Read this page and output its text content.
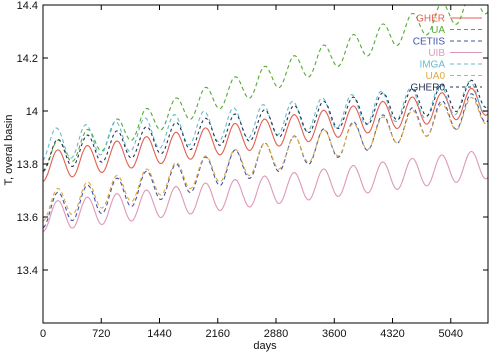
0	720	1440	2160	2880	3600	4320	5040
13.4
13.6
13.8
14
14.2
14.4
GHER
UA
CETIIS
UIB
IMGA
UA0
GHER0
days
T, overal basin
